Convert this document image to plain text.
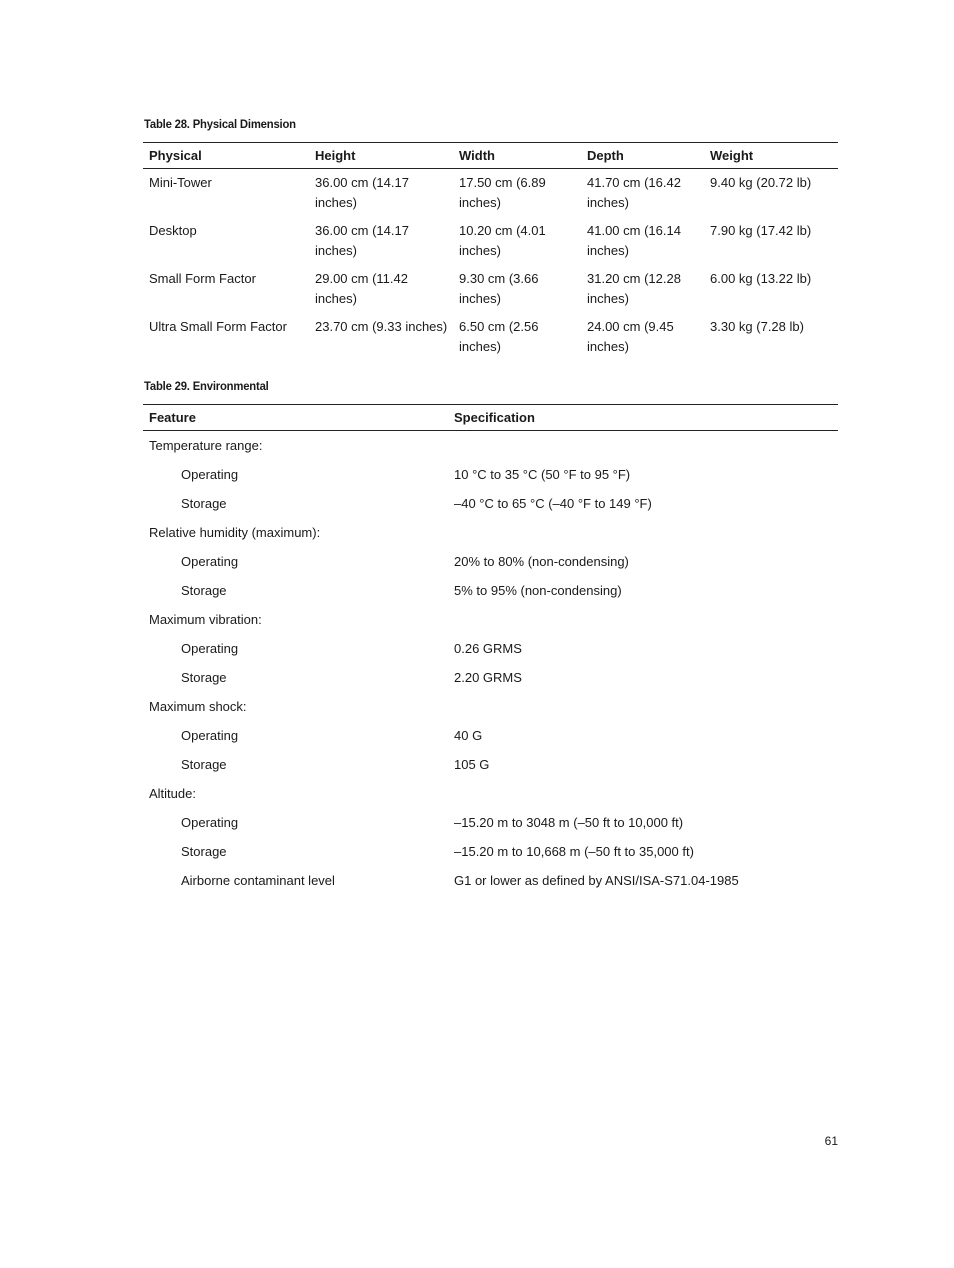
Table 28. Physical Dimension
Physical	Height	Width	Depth	Weight
Mini-Tower	36.00 cm (14.17 inches)	17.50 cm (6.89 inches)	41.70 cm (16.42 inches)	9.40 kg (20.72 lb)
Desktop	36.00 cm (14.17 inches)	10.20 cm (4.01 inches)	41.00 cm (16.14 inches)	7.90 kg (17.42 lb)
Small Form Factor	29.00 cm (11.42 inches)	9.30 cm (3.66 inches)	31.20 cm (12.28 inches)	6.00 kg (13.22 lb)
Ultra Small Form Factor	23.70 cm (9.33 inches)	6.50 cm (2.56 inches)	24.00 cm (9.45 inches)	3.30 kg (7.28 lb)
Table 29. Environmental
Feature	Specification
Temperature range:	
Operating	10 °C to 35 °C (50 °F to 95 °F)
Storage	–40 °C to 65 °C (–40 °F to 149 °F)
Relative humidity (maximum):	
Operating	20% to 80% (non-condensing)
Storage	5% to 95% (non-condensing)
Maximum vibration:	
Operating	0.26 GRMS
Storage	2.20 GRMS
Maximum shock:	
Operating	40 G
Storage	105 G
Altitude:	
Operating	–15.20 m to 3048 m (–50 ft to 10,000 ft)
Storage	–15.20 m to 10,668 m (–50 ft to 35,000 ft)
Airborne contaminant level	G1 or lower as defined by ANSI/ISA-S71.04-1985
61
